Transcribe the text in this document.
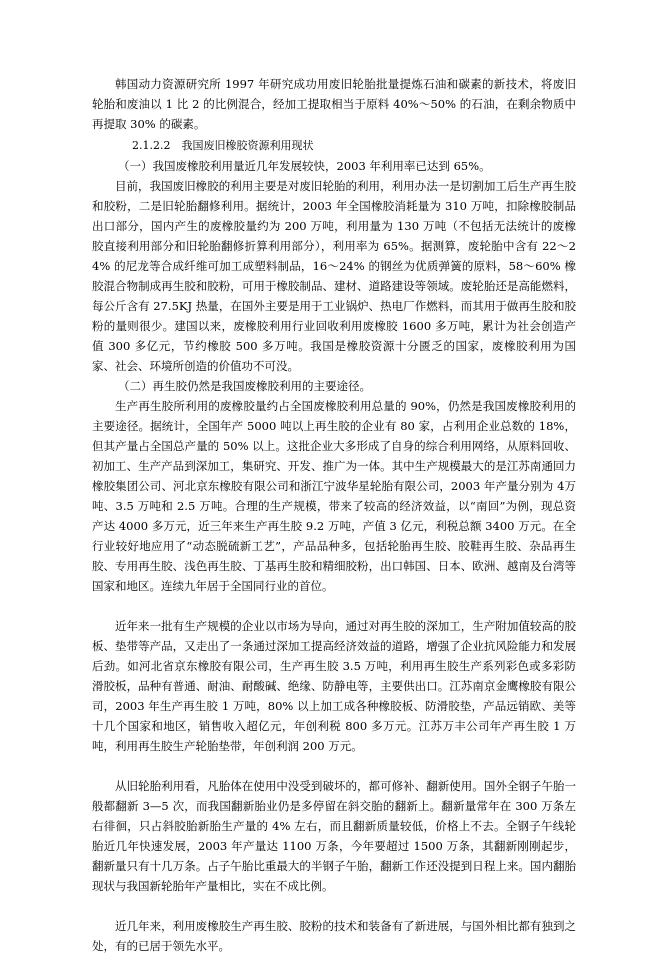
韩国动力资源研究所 1997 年研究成功用废旧轮胎批量提炼石油和碳素的新技术，将废旧轮胎和废油以 1 比 2 的比例混合，经加工提取相当于原料 40%～50% 的石油，在剩余物质中再提取 30% 的碳素。

2.1.2.2　我国废旧橡胶资源利用现状

（一）我国废橡胶利用量近几年发展较快，2003 年利用率已达到 65%。

目前，我国废旧橡胶的利用主要是对废旧轮胎的利用，利用办法一是切割加工后生产再生胶和胶粉，二是旧轮胎翻修利用。据统计，2003 年全国橡胶消耗量为 310 万吨，扣除橡胶制品出口部分，国内产生的废橡胶量约为 200 万吨，利用量为 130 万吨（不包括无法统计的废橡胶直接利用部分和旧轮胎翻修折算利用部分），利用率为 65%。据测算，废轮胎中含有 22～24% 的尼龙等合成纤维可加工成塑料制品，16～24% 的钢丝为优质弹簧的原料，58～60% 橡胶混合物制成再生胶和胶粉，可用于橡胶制品、建材、道路建设等领域。废轮胎还是高能燃料，每公斤含有 27.5KJ 热量，在国外主要是用于工业锅炉、热电厂作燃料，而其用于做再生胶和胶粉的量则很少。建国以来，废橡胶利用行业回收利用废橡胶 1600 多万吨，累计为社会创造产值 300 多亿元，节约橡胶 500 多万吨。我国是橡胶资源十分匮乏的国家，废橡胶利用为国家、社会、环境所创造的价值功不可没。

（二）再生胶仍然是我国废橡胶利用的主要途径。

生产再生胶所利用的废橡胶量约占全国废橡胶利用总量的 90%，仍然是我国废橡胶利用的主要途径。据统计，全国年产 5000 吨以上再生胶的企业有 80 家，占利用企业总数的 18%，但其产量占全国总产量的 50% 以上。这批企业大多形成了自身的综合利用网络，从原料回收、初加工、生产产品到深加工，集研究、开发、推广为一体。其中生产规模最大的是江苏南通回力橡胶集团公司、河北京东橡胶有限公司和浙江宁波华星轮胎有限公司，2003 年产量分别为 4万吨、3.5 万吨和 2.5 万吨。合理的生产规模，带来了较高的经济效益，以“南回”为例，现总资产达 4000 多万元，近三年来生产再生胶 9.2 万吨，产值 3 亿元，利税总额 3400 万元。在全行业较好地应用了“动态脱硫新工艺”，产品品种多，包括轮胎再生胶、胶鞋再生胶、杂品再生胶、专用再生胶、浅色再生胶、丁基再生胶和精细胶粉，出口韩国、日本、欧洲、越南及台湾等国家和地区。连续九年居于全国同行业的首位。

近年来一批有生产规模的企业以市场为导向，通过对再生胶的深加工，生产附加值较高的胶板、垫带等产品，又走出了一条通过深加工提高经济效益的道路，增强了企业抗风险能力和发展后劲。如河北省京东橡胶有限公司，生产再生胶 3.5 万吨，利用再生胶生产系列彩色或多彩防滑胶板，品种有普通、耐油、耐酸碱、绝缘、防静电等，主要供出口。江苏南京金鹰橡胶有限公司，2003 年生产再生胶 1 万吨，80% 以上加工成各种橡胶板、防滑胶垫，产品远销欧、美等十几个国家和地区，销售收入超亿元，年创利税 800 多万元。江苏万丰公司年产再生胶 1 万吨，利用再生胶生产轮胎垫带，年创利润 200 万元。

从旧轮胎利用看，凡胎体在使用中没受到破坏的，都可修补、翻新使用。国外全钢子午胎一般都翻新 3—5 次，而我国翻新胎业仍是多停留在斜交胎的翻新上。翻新量常年在 300 万条左右徘徊，只占斜胶胎新胎生产量的 4% 左右，而且翻新质量较低，价格上不去。全钢子午线轮胎近几年快速发展，2003 年产量达 1100 万条，今年要超过 1500 万条，其翻新刚刚起步，翻新量只有十几万条。占子午胎比重最大的半钢子午胎，翻新工作还没提到日程上来。国内翻胎现状与我国新轮胎年产量相比，实在不成比例。

近几年来，利用废橡胶生产再生胶、胶粉的技术和装备有了新进展，与国外相比都有独到之处，有的已居于领先水平。
